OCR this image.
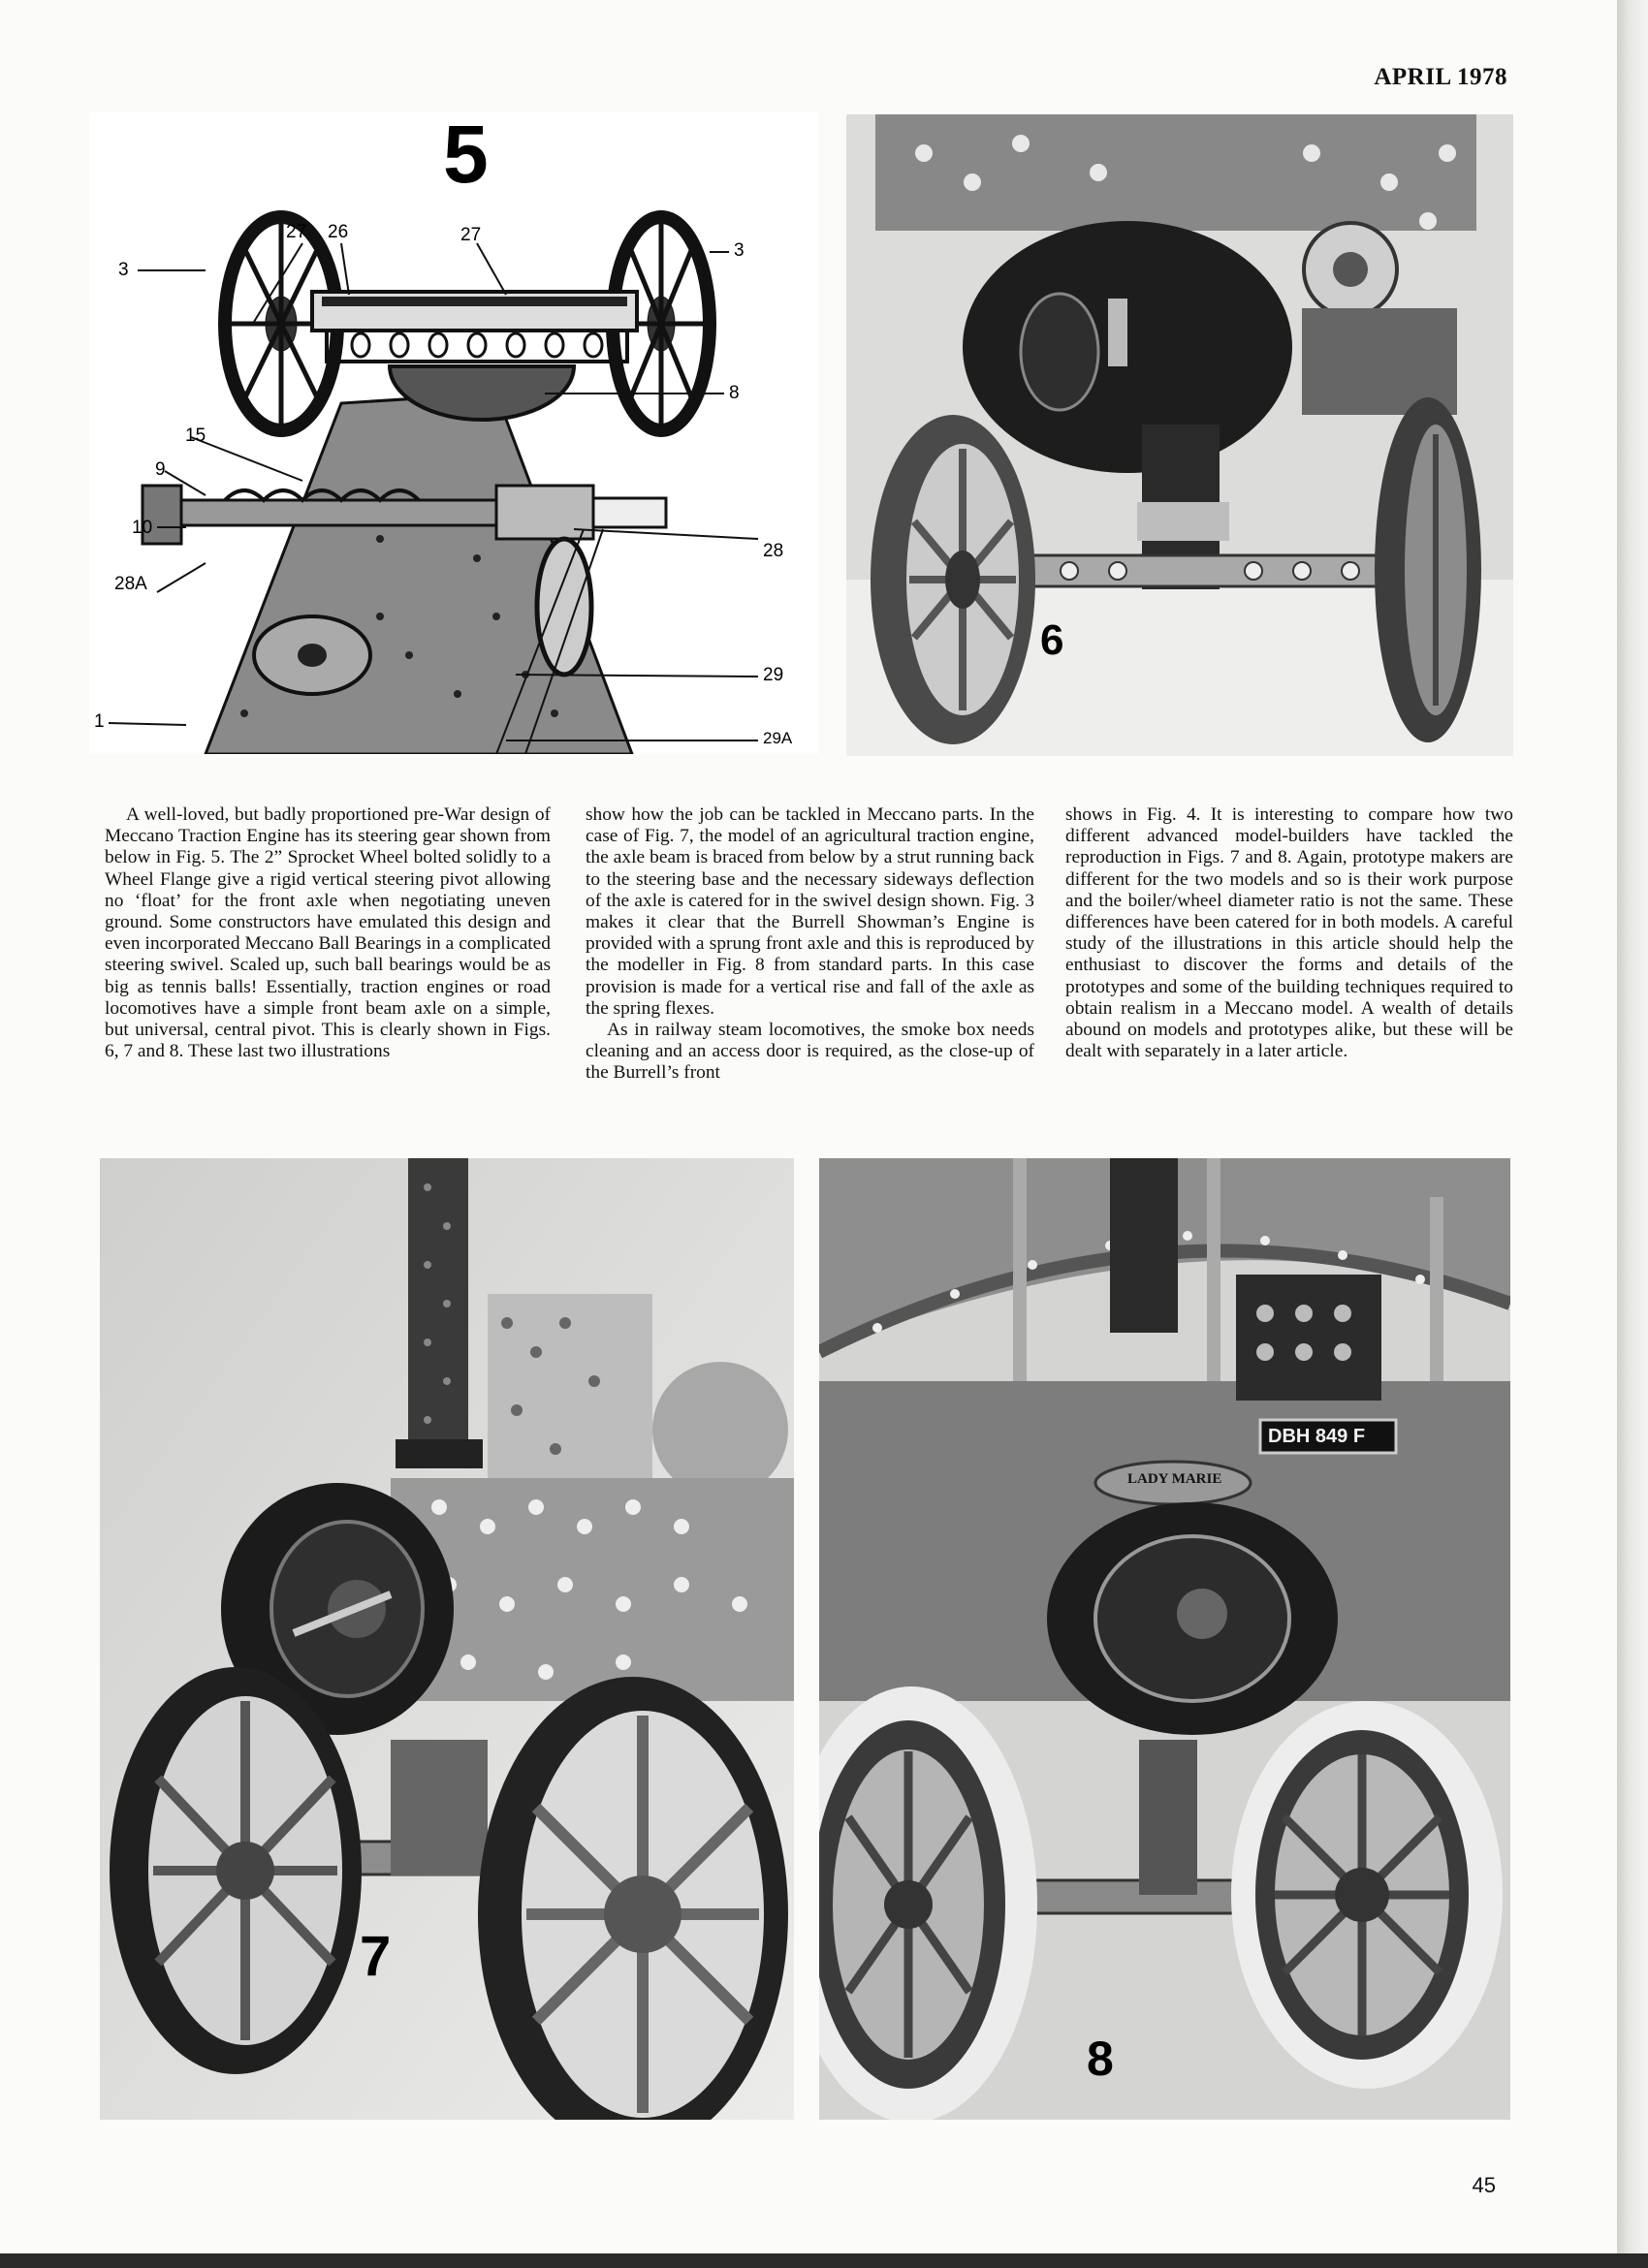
APRIL 1978
5
27 26	27
3
3
8
15
9
10
28A
28
29
29A
1
6

A well-loved, but badly proportioned pre-War design of Meccano Traction Engine has its steering gear shown from below in Fig. 5. The 2” Sprocket Wheel bolted solidly to a Wheel Flange give a rigid vertical steering pivot allowing no ‘float’ for the front axle when negotiating uneven ground. Some constructors have emulated this design and even incorporated Meccano Ball Bearings in a complicated steering swivel. Scaled up, such ball bearings would be as big as tennis balls! Essentially, traction engines or road locomotives have a simple front beam axle on a simple, but universal, central pivot. This is clearly shown in Figs. 6, 7 and 8. These last two illustrations

show how the job can be tackled in Meccano parts. In the case of Fig. 7, the model of an agricultural traction engine, the axle beam is braced from below by a strut running back to the steering base and the necessary sideways deflection of the axle is catered for in the swivel design shown. Fig. 3 makes it clear that the Burrell Showman’s Engine is provided with a sprung front axle and this is reproduced by the modeller in Fig. 8 from standard parts. In this case provision is made for a vertical rise and fall of the axle as the spring flexes.

As in railway steam locomotives, the smoke box needs cleaning and an access door is required, as the close-up of the Burrell’s front

shows in Fig. 4. It is interesting to compare how two different advanced model-builders have tackled the reproduction in Figs. 7 and 8. Again, prototype makers are different for the two models and so is their work purpose and the boiler/wheel diameter ratio is not the same. These differences have been catered for in both models. A careful study of the illustrations in this article should help the enthusiast to discover the forms and details of the prototypes and some of the building techniques required to obtain realism in a Meccano model. A wealth of details abound on models and prototypes alike, but these will be dealt with separately in a later article.

7
DBH 849 F
LADY MARIE
8
45
